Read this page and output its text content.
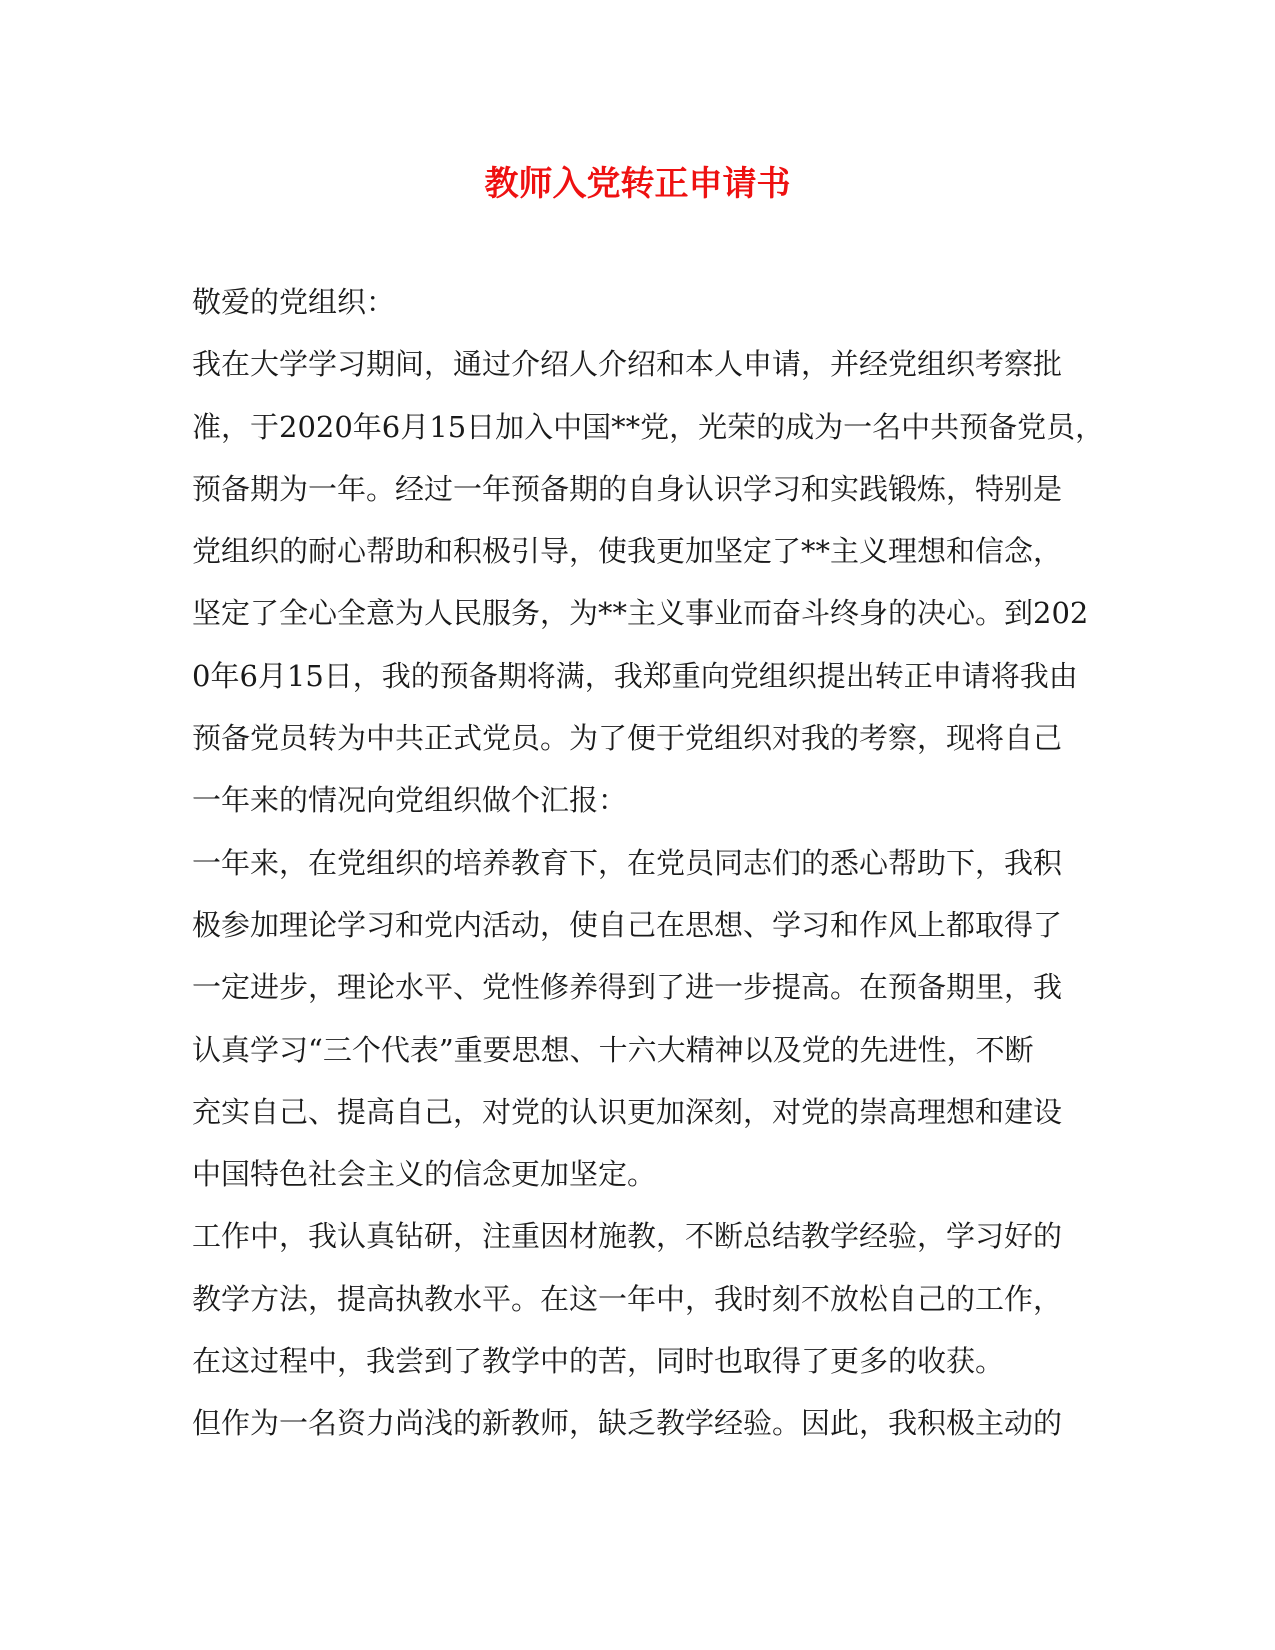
教师入党转正申请书
敬爱的党组织：
我在大学学习期间，通过介绍人介绍和本人申请，并经党组织考察批
准，于2020年6月15日加入中国**党，光荣的成为一名中共预备党员，
预备期为一年。经过一年预备期的自身认识学习和实践锻炼，特别是
党组织的耐心帮助和积极引导，使我更加坚定了**主义理想和信念，
坚定了全心全意为人民服务，为**主义事业而奋斗终身的决心。到202
0年6月15日，我的预备期将满，我郑重向党组织提出转正申请将我由
预备党员转为中共正式党员。为了便于党组织对我的考察，现将自己
一年来的情况向党组织做个汇报：
一年来，在党组织的培养教育下，在党员同志们的悉心帮助下，我积
极参加理论学习和党内活动，使自己在思想、学习和作风上都取得了
一定进步，理论水平、党性修养得到了进一步提高。在预备期里，我
认真学习“三个代表”重要思想、十六大精神以及党的先进性，不断
充实自己、提高自己，对党的认识更加深刻，对党的崇高理想和建设
中国特色社会主义的信念更加坚定。
工作中，我认真钻研，注重因材施教，不断总结教学经验，学习好的
教学方法，提高执教水平。在这一年中，我时刻不放松自己的工作，
在这过程中，我尝到了教学中的苦，同时也取得了更多的收获。
但作为一名资力尚浅的新教师，缺乏教学经验。因此，我积极主动的
